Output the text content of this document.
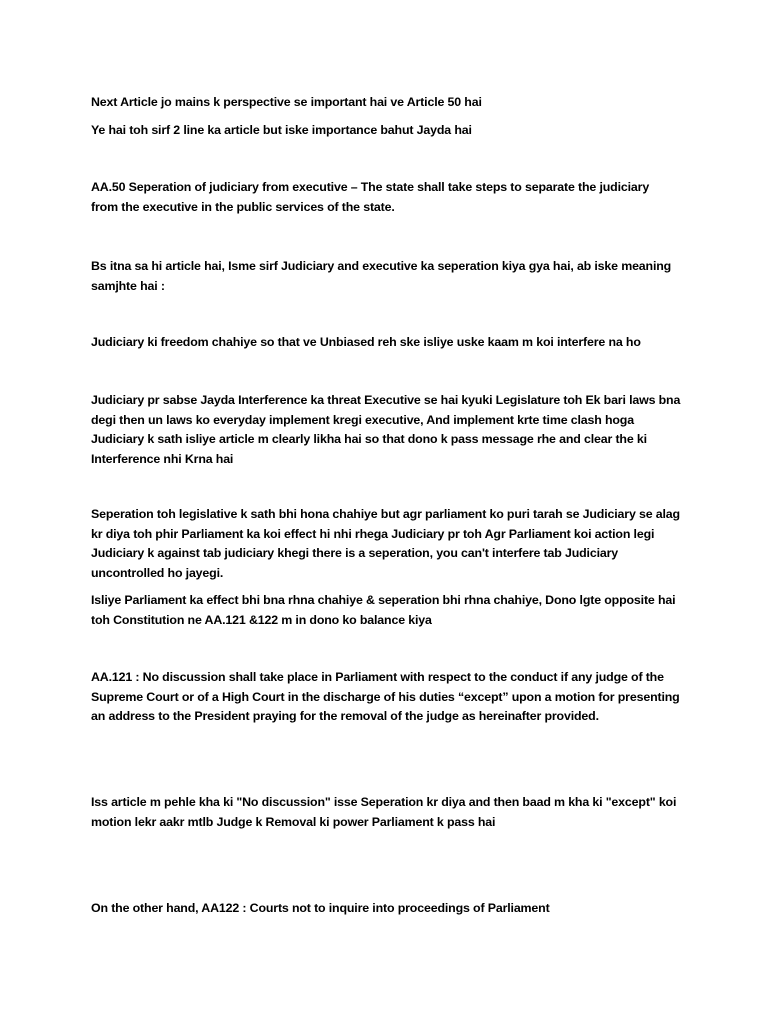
Next Article jo mains k perspective se important hai ve Article 50 hai

Ye hai toh sirf 2 line ka article but iske importance bahut Jayda hai

AA.50 Seperation of judiciary from executive – The state shall take steps to separate the judiciary
from the executive in the public services of the state.

Bs itna sa hi article hai, Isme sirf Judiciary and executive ka seperation kiya gya hai, ab iske meaning
samjhte hai :

Judiciary ki freedom chahiye so that ve Unbiased reh ske isliye uske kaam m koi interfere na ho

Judiciary pr sabse Jayda Interference ka threat Executive se hai kyuki Legislature toh Ek bari laws bna
degi then un laws ko everyday implement kregi executive, And implement krte time clash hoga
Judiciary k sath isliye article m clearly likha hai so that dono k pass message rhe and clear the ki
Interference nhi Krna hai

Seperation toh legislative k sath bhi hona chahiye but agr parliament ko puri tarah se Judiciary se alag
kr diya toh phir Parliament ka koi effect hi nhi rhega Judiciary pr toh Agr Parliament koi action legi
Judiciary k against tab judiciary khegi there is a seperation, you can't interfere tab Judiciary
uncontrolled ho jayegi.

Isliye Parliament ka effect bhi bna rhna chahiye & seperation bhi rhna chahiye, Dono lgte opposite hai
toh Constitution ne AA.121 &122 m in dono ko balance kiya

AA.121 : No discussion shall take place in Parliament with respect to the conduct if any judge of the
Supreme Court or of a High Court in the discharge of his duties “except” upon a motion for presenting
an address to the President praying for the removal of the judge as hereinafter provided.

Iss article m pehle kha ki "No discussion" isse Seperation kr diya and then baad m kha ki "except" koi
motion lekr aakr mtlb Judge k Removal ki power Parliament k pass hai

On the other hand, AA122 : Courts not to inquire into proceedings of Parliament
